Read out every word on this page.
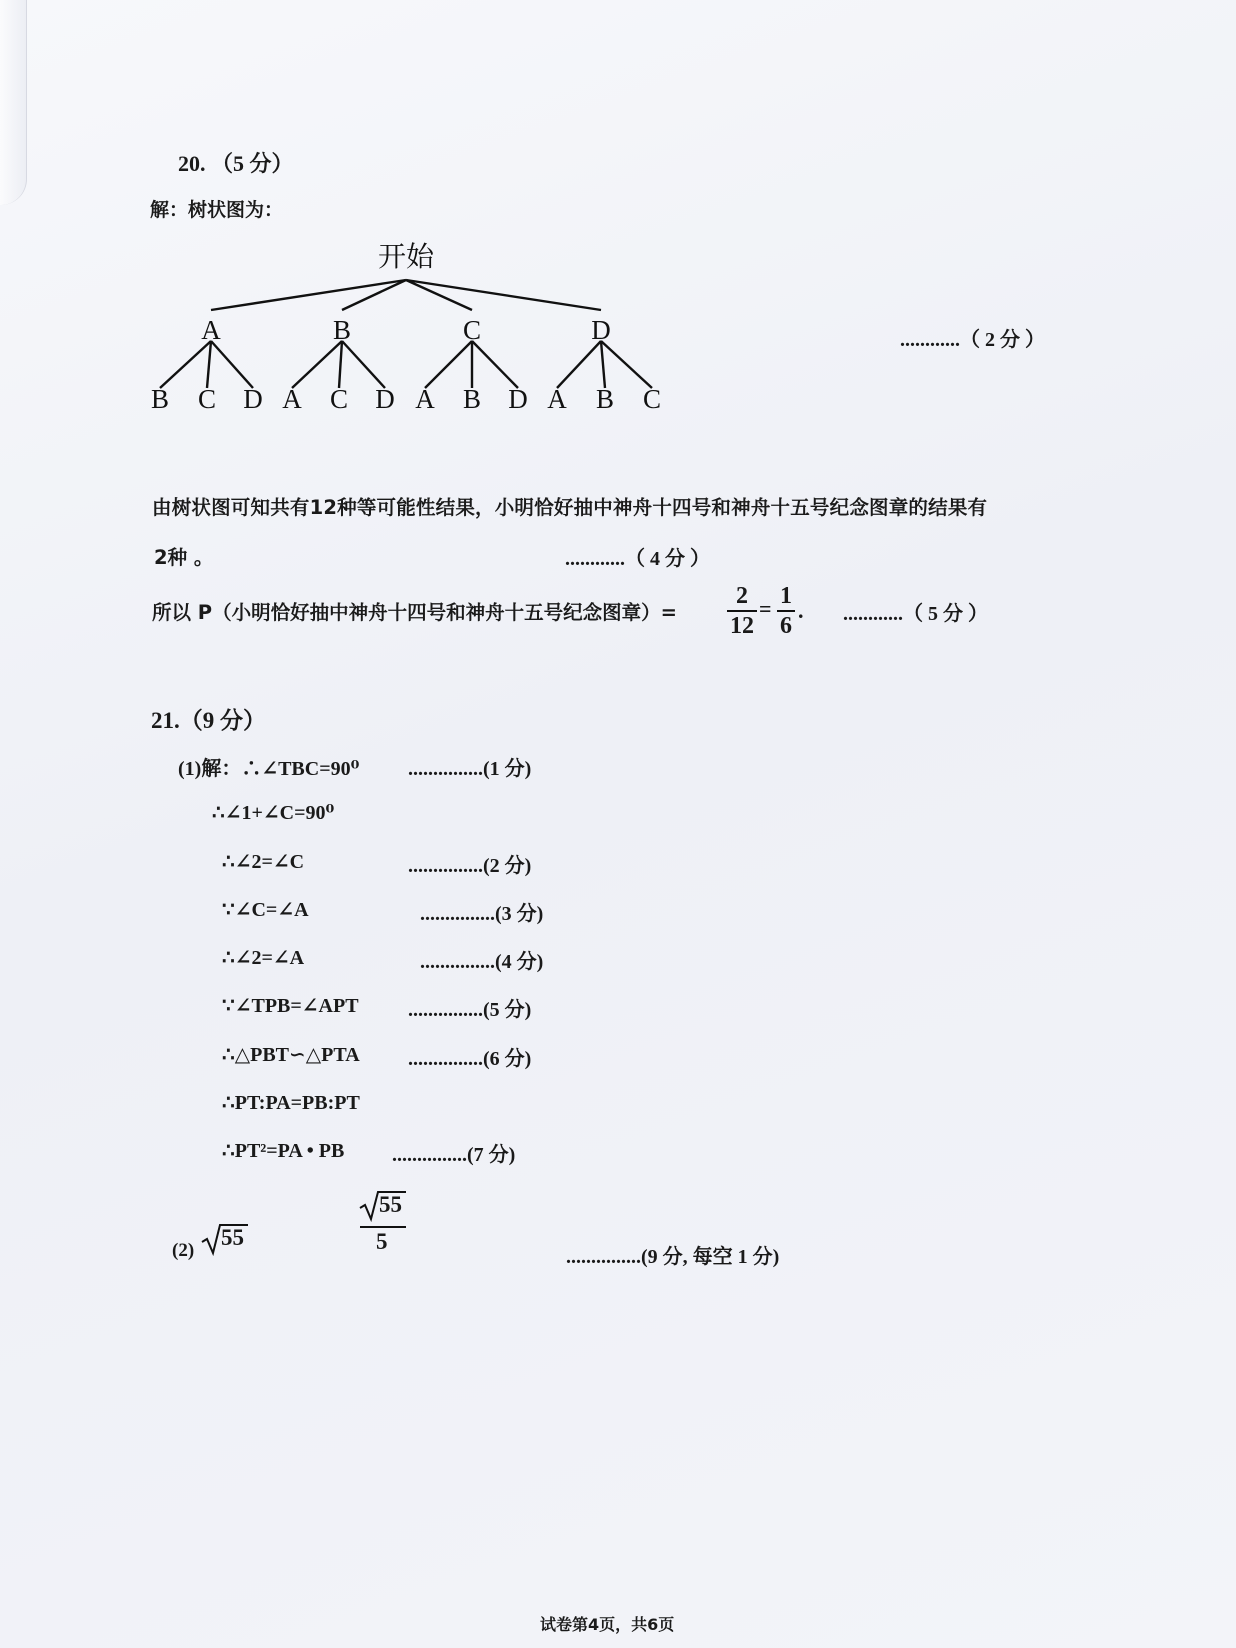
20. （5 分）
解：树状图为：
开始
A
B C D
B
A C D
C
A B D
D
A B C
............（ 2 分 ）
由树状图可知共有12种等可能性结果，小明恰好抽中神舟十四号和神舟十五号纪念图章的结果有
2种 。	............（ 4 分 ）
所以 P（小明恰好抽中神舟十四号和神舟十五号纪念图章）=
2
12
= 1
6
. ............（ 5 分 ）
21.（9 分）
(1)解：∴∠TBC=90⁰ ...............(1 分)
∴∠1+∠C=90⁰
∴∠2=∠C	...............(2 分)
∵∠C=∠A	...............(3 分)
∴∠2=∠A	...............(4 分)
∵∠TPB=∠APT ...............(5 分)
∴△PBT∽△PTA ...............(6 分)
∴PT:PA=PB:PT
∴PT²=PA • PB ...............(7 分)
(2)
55
55
5
...............(9 分, 每空 1 分)
试卷第4页，共6页
